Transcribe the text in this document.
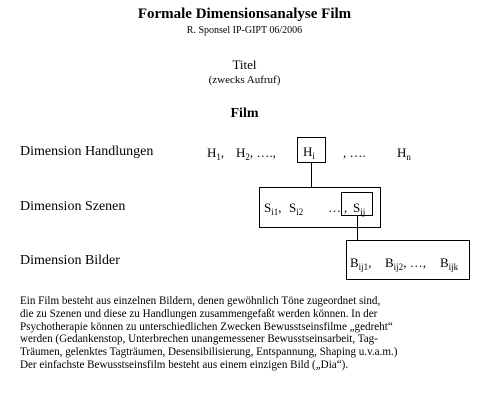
Formale Dimensionsanalyse Film
R. Sponsel IP-GIPT 06/2006
Titel
(zwecks Aufruf)
Film
Dimension Handlungen
Dimension Szenen
Dimension Bilder
$H_1$, $H_2$, …., $H_i$ , …. $H_n$
$S_{i1}$, $S_{i2}$ … , $S_{ij}$
$B_{ij1}$, $B_{ij2}$, …, $B_{ijk}$
Ein Film besteht aus einzelnen Bildern, denen gewöhnlich Töne zugeordnet sind,
die zu Szenen und diese zu Handlungen zusammengefaßt werden können. In der
Psychotherapie können zu unterschiedlichen Zwecken Bewusstseinsfilme „gedreht“
werden (Gedankenstop, Unterbrechen unangemessener Bewusstseinsarbeit, Tag-
Träumen, gelenktes Tagträumen, Desensibilisierung, Entspannung, Shaping u.v.a.m.)
Der einfachste Bewusstseinsfilm besteht aus einem einzigen Bild („Dia“).
